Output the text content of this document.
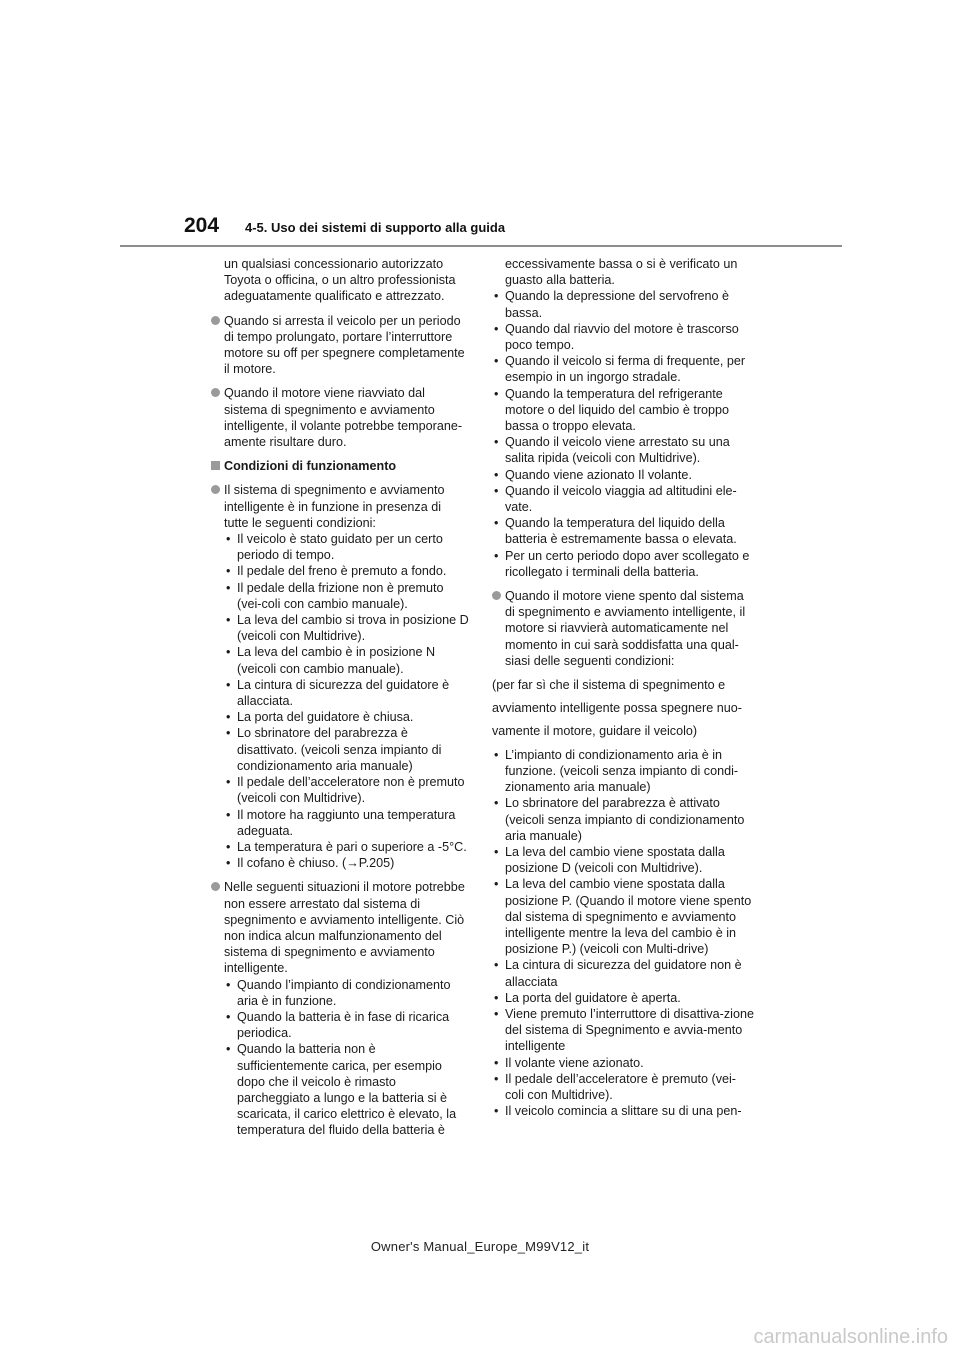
204 4-5. Uso dei sistemi di supporto alla guida

un qualsiasi concessionario autorizzato Toyota o officina, o un altro professionista adeguatamente qualificato e attrezzato.

Quando si arresta il veicolo per un periodo di tempo prolungato, portare l’interruttore motore su off per spegnere completamente il motore.
Quando il motore viene riavviato dal sistema di spegnimento e avviamento intelligente, il volante potrebbe temporane-amente risultare duro.
Condizioni di funzionamento
Il sistema di spegnimento e avviamento intelligente è in funzione in presenza di tutte le seguenti condizioni:
• Il veicolo è stato guidato per un certo periodo di tempo.
• Il pedale del freno è premuto a fondo.
• Il pedale della frizione non è premuto (vei-coli con cambio manuale).
• La leva del cambio si trova in posizione D (veicoli con Multidrive).
• La leva del cambio è in posizione N (veicoli con cambio manuale).
• La cintura di sicurezza del guidatore è allacciata.
• La porta del guidatore è chiusa.
• Lo sbrinatore del parabrezza è disattivato. (veicoli senza impianto di condizionamento aria manuale)
• Il pedale dell’acceleratore non è premuto (veicoli con Multidrive).
• Il motore ha raggiunto una temperatura adeguata.
• La temperatura è pari o superiore a -5°C.
• Il cofano è chiuso. (→P.205)
Nelle seguenti situazioni il motore potrebbe non essere arrestato dal sistema di spegnimento e avviamento intelligente. Ciò non indica alcun malfunzionamento del sistema di spegnimento e avviamento intelligente.
• Quando l’impianto di condizionamento aria è in funzione.
• Quando la batteria è in fase di ricarica periodica.
• Quando la batteria non è sufficientemente carica, per esempio dopo che il veicolo è rimasto parcheggiato a lungo e la batteria si è scaricata, il carico elettrico è elevato, la temperatura del fluido della batteria è

eccessivamente bassa o si è verificato un guasto alla batteria.

• Quando la depressione del servofreno è bassa.
• Quando dal riavvio del motore è trascorso poco tempo.
• Quando il veicolo si ferma di frequente, per esempio in un ingorgo stradale.
• Quando la temperatura del refrigerante motore o del liquido del cambio è troppo bassa o troppo elevata.
• Quando il veicolo viene arrestato su una salita ripida (veicoli con Multidrive).
• Quando viene azionato Il volante.
• Quando il veicolo viaggia ad altitudini ele-vate.
• Quando la temperatura del liquido della batteria è estremamente bassa o elevata.
• Per un certo periodo dopo aver scollegato e ricollegato i terminali della batteria.
Quando il motore viene spento dal sistema di spegnimento e avviamento intelligente, il motore si riavvierà automaticamente nel momento in cui sarà soddisfatta una qual-siasi delle seguenti condizioni:

(per far sì che il sistema di spegnimento e

avviamento intelligente possa spegnere nuo-

vamente il motore, guidare il veicolo)

• L’impianto di condizionamento aria è in funzione. (veicoli senza impianto di condi-zionamento aria manuale)
• Lo sbrinatore del parabrezza è attivato (veicoli senza impianto di condizionamento aria manuale)
• La leva del cambio viene spostata dalla posizione D (veicoli con Multidrive).
• La leva del cambio viene spostata dalla posizione P. (Quando il motore viene spento dal sistema di spegnimento e avviamento intelligente mentre la leva del cambio è in posizione P.) (veicoli con Multi-drive)
• La cintura di sicurezza del guidatore non è allacciata
• La porta del guidatore è aperta.
• Viene premuto l’interruttore di disattiva-zione del sistema di Spegnimento e avvia-mento intelligente
• Il volante viene azionato.
• Il pedale dell’acceleratore è premuto (vei-coli con Multidrive).
• Il veicolo comincia a slittare su di una pen-
Owner's Manual_Europe_M99V12_it
carmanualsonline.info
